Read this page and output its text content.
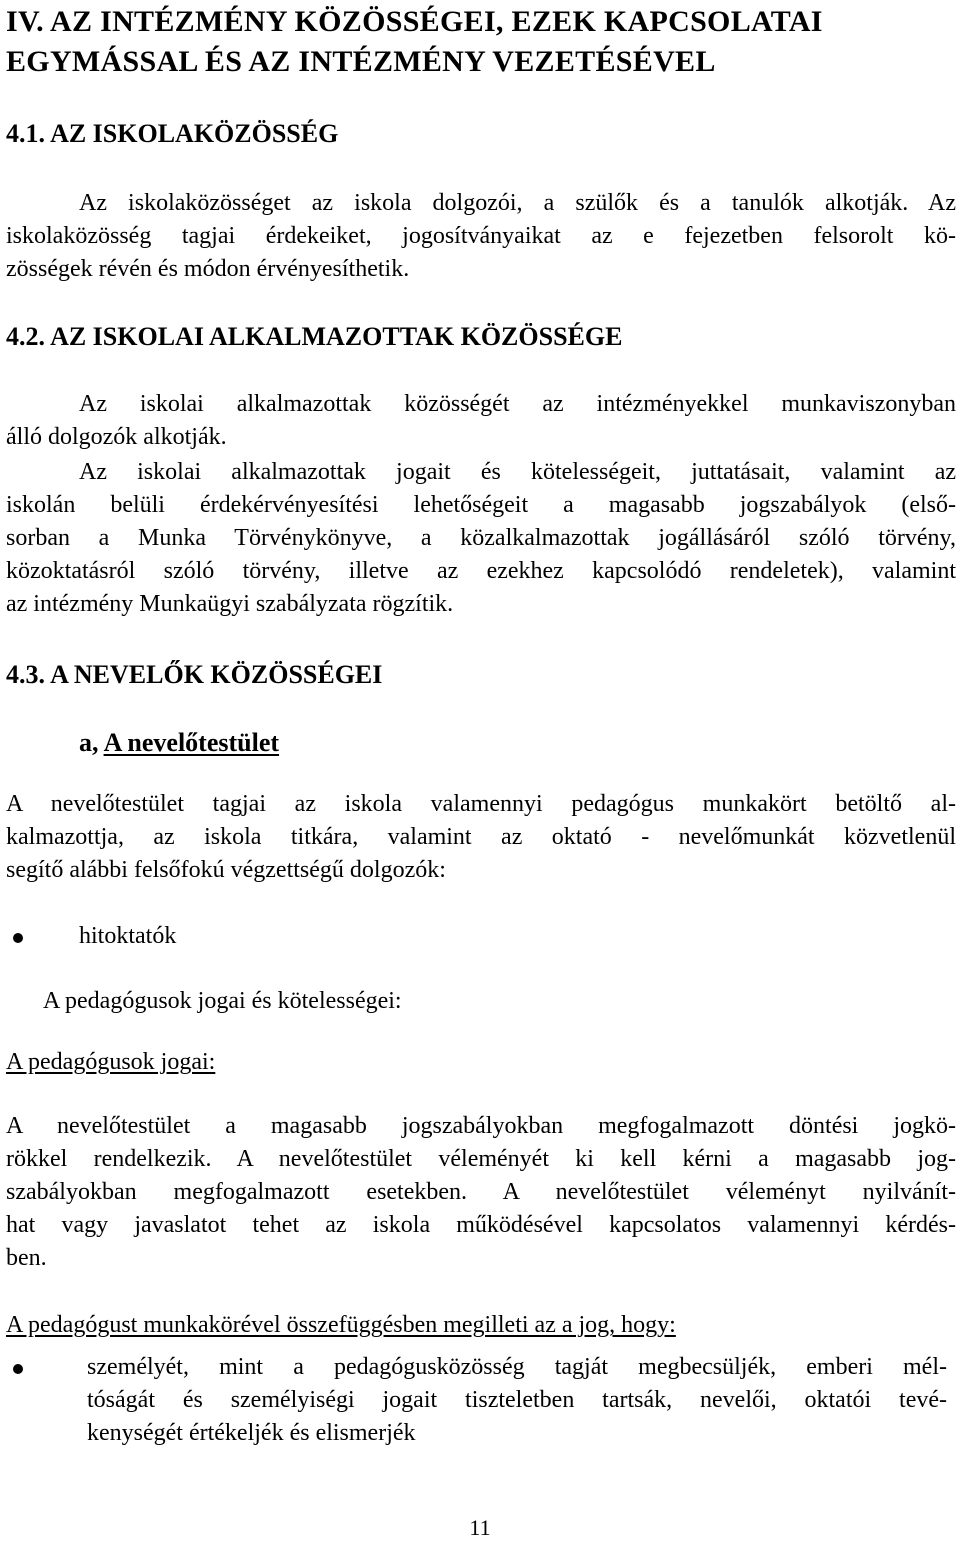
IV. AZ INTÉZMÉNY KÖZÖSSÉGEI, EZEK KAPCSOLATAI
EGYMÁSSAL ÉS AZ INTÉZMÉNY VEZETÉSÉVEL
4.1. AZ ISKOLAKÖZÖSSÉG
Az iskolaközösséget az iskola dolgozói, a szülők és a tanulók alkotják. Az
iskolaközösség tagjai érdekeiket, jogosítványaikat az e fejezetben felsorolt kö-
zösségek révén és módon érvényesíthetik.
4.2. AZ ISKOLAI ALKALMAZOTTAK KÖZÖSSÉGE
Az iskolai alkalmazottak közösségét az intézményekkel munkaviszonyban
álló dolgozók alkotják.
Az iskolai alkalmazottak jogait és kötelességeit, juttatásait, valamint az
iskolán belüli érdekérvényesítési lehetőségeit a magasabb jogszabályok (első-
sorban a Munka Törvénykönyve, a közalkalmazottak jogállásáról szóló törvény,
közoktatásról szóló törvény, illetve az ezekhez kapcsolódó rendeletek), valamint
az intézmény Munkaügyi szabályzata rögzítik.
4.3. A NEVELŐK KÖZÖSSÉGEI
a, A nevelőtestület
A nevelőtestület tagjai az iskola valamennyi pedagógus munkakört betöltő al-
kalmazottja, az iskola titkára, valamint az oktató - nevelőmunkát közvetlenül
segítő alábbi felsőfokú végzettségű dolgozók:
hitoktatók
A pedagógusok jogai és kötelességei:
A pedagógusok jogai:
A nevelőtestület a magasabb jogszabályokban megfogalmazott döntési jogkö-
rökkel rendelkezik. A nevelőtestület véleményét ki kell kérni a magasabb jog-
szabályokban megfogalmazott esetekben. A nevelőtestület véleményt nyilvánít-
hat vagy javaslatot tehet az iskola működésével kapcsolatos valamennyi kérdés-
ben.
A pedagógust munkakörével összefüggésben megilleti az a jog, hogy:
személyét, mint a pedagógusközösség tagját megbecsüljék, emberi mél-
tóságát és személyiségi jogait tiszteletben tartsák, nevelői, oktatói tevé-
kenységét értékeljék és elismerjék
11
